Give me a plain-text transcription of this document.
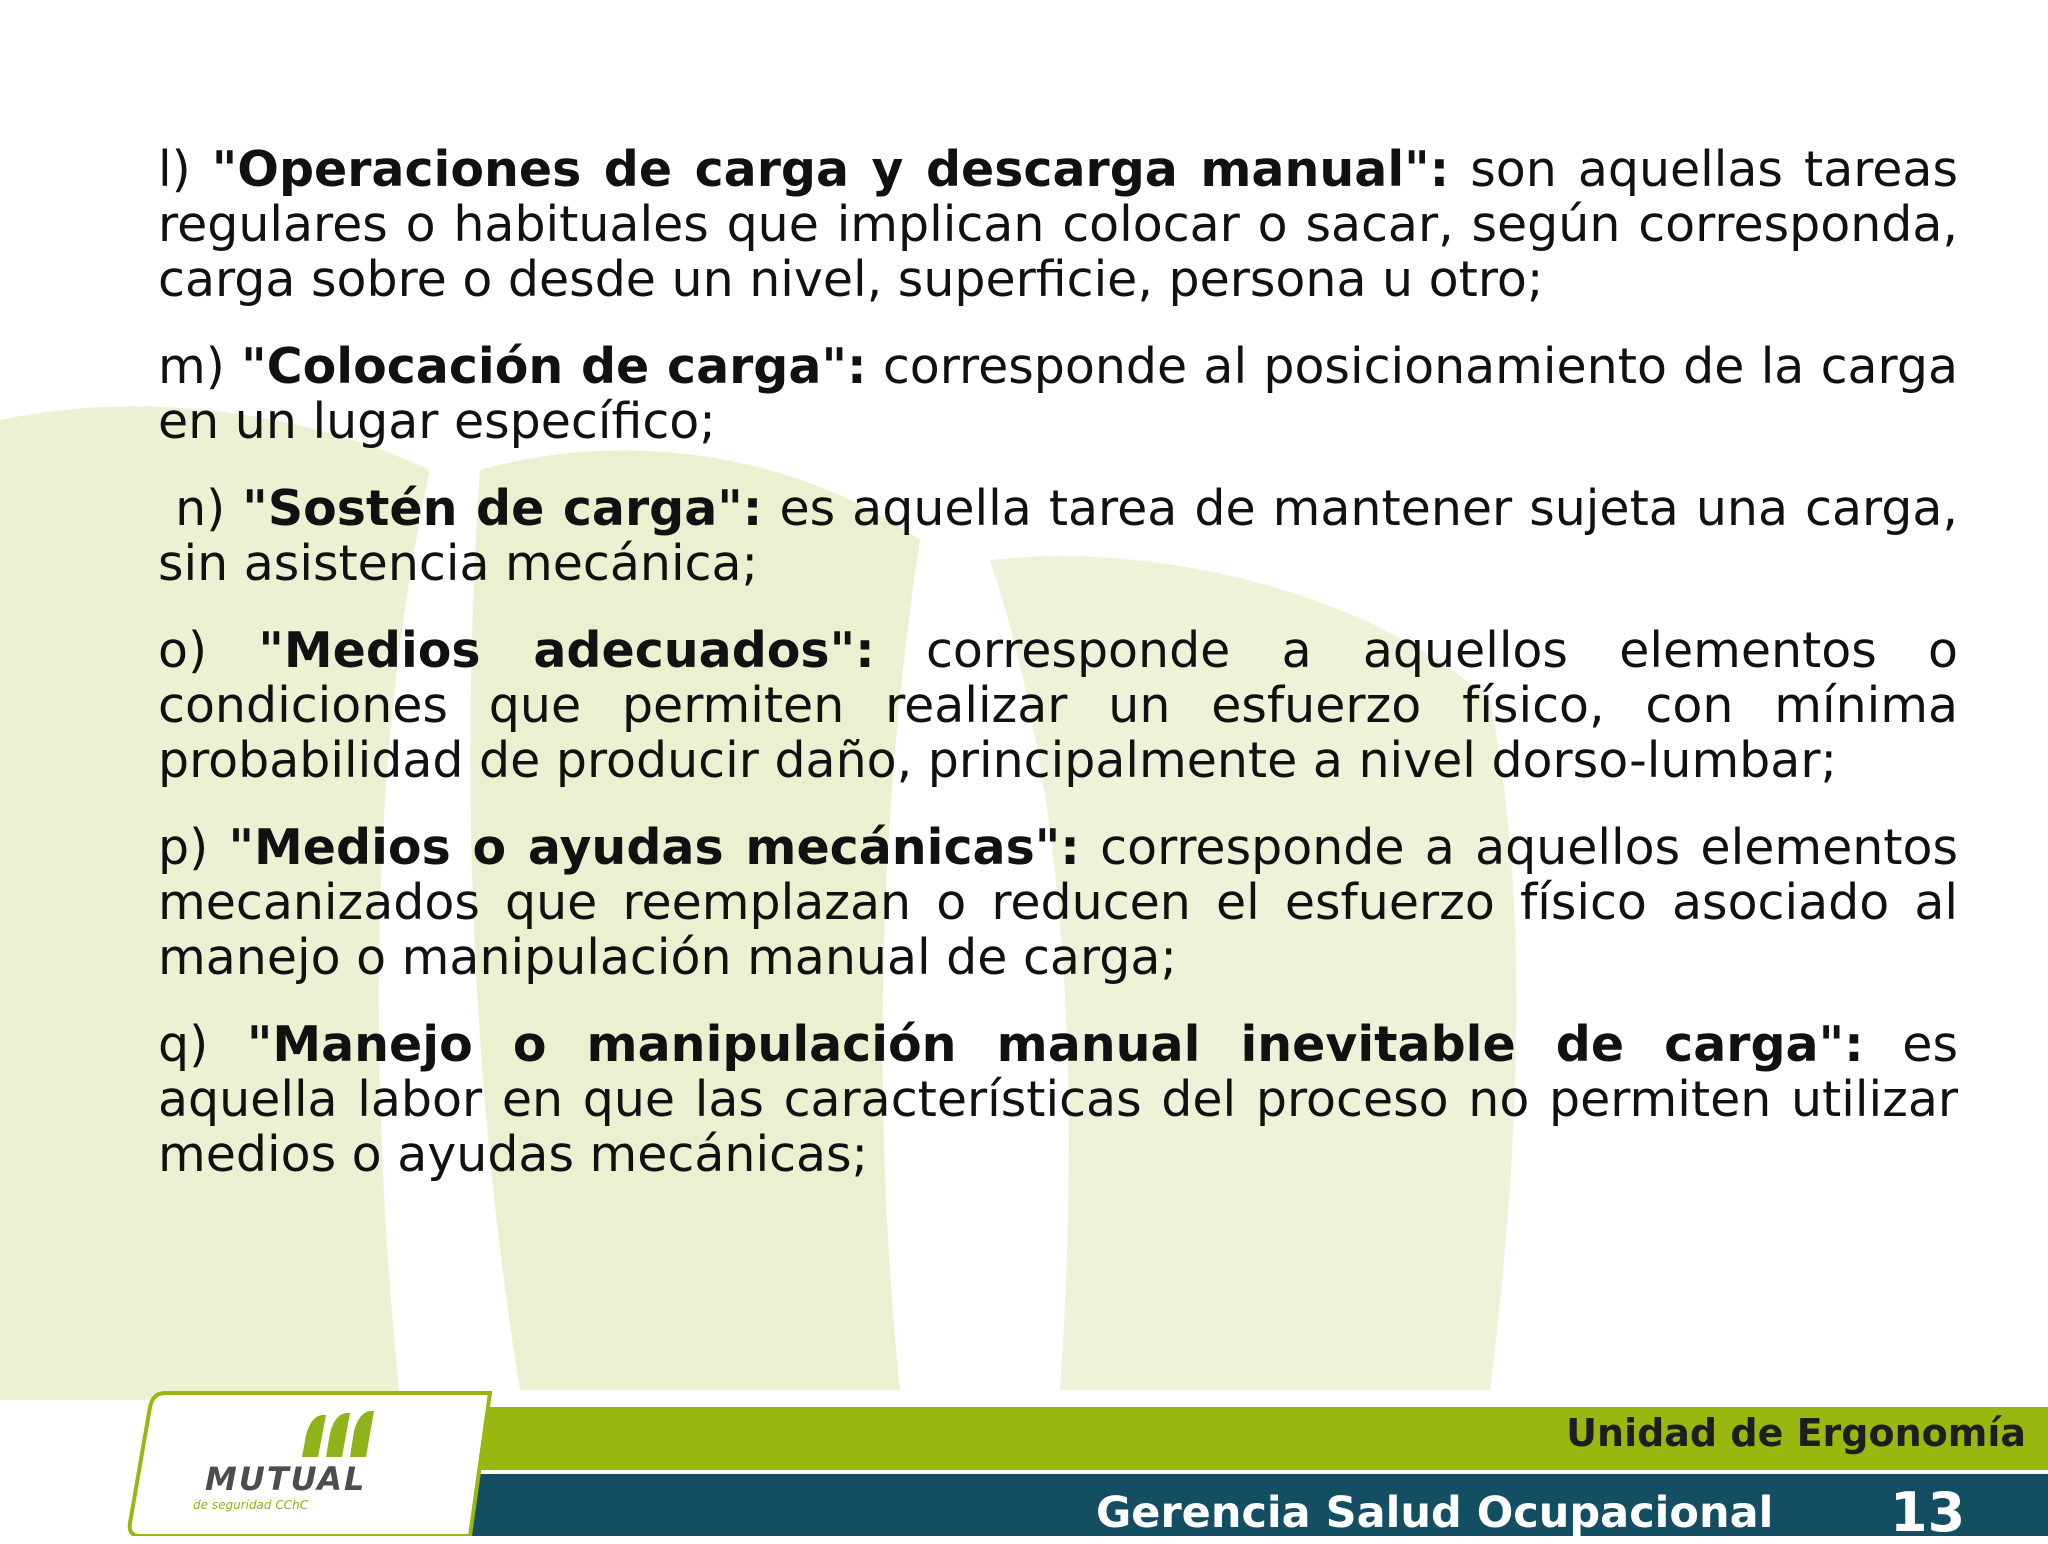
l) "Operaciones de carga y descarga manual": son aquellas tareas regulares o habituales que implican colocar o sacar, según corresponda, carga sobre o desde un nivel, superficie, persona u otro;

m) "Colocación de carga": corresponde al posicionamiento de la carga en un lugar específico;

n) "Sostén de carga": es aquella tarea de mantener sujeta una carga, sin asistencia mecánica;

o) "Medios adecuados": corresponde a aquellos elementos o condiciones que permiten realizar un esfuerzo físico, con mínima probabilidad de producir daño, principalmente a nivel dorso-lumbar;

p) "Medios o ayudas mecánicas": corresponde a aquellos elementos mecanizados que reemplazan o reducen el esfuerzo físico asociado al manejo o manipulación manual de carga;

q) "Manejo o manipulación manual inevitable de carga": es aquella labor en que las características del proceso no permiten utilizar medios o ayudas mecánicas;

MUTUAL
de seguridad CChC
Unidad de Ergonomía
Gerencia Salud Ocupacional 13
